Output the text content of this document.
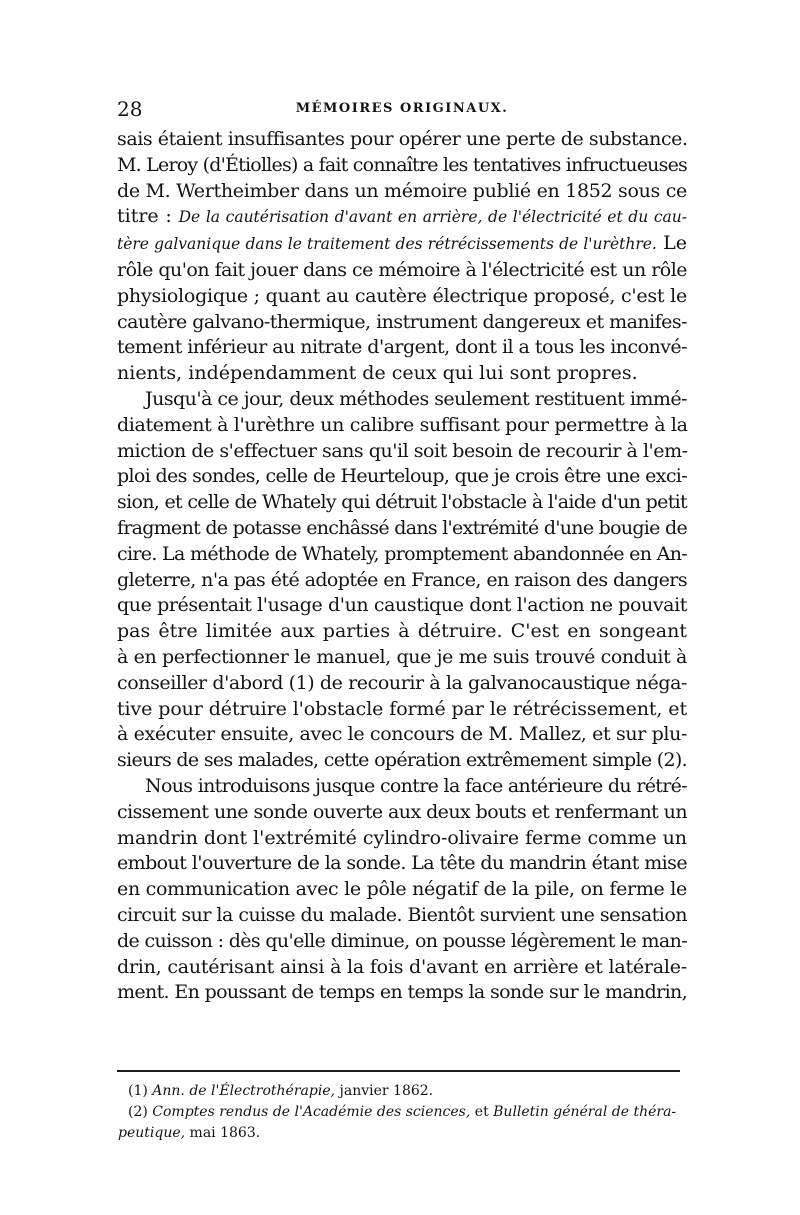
28	MÉMOIRES ORIGINAUX.
sais étaient insuffisantes pour opérer une perte de substance.
M. Leroy (d'Étiolles) a fait connaître les tentatives infructueuses
de M. Wertheimber dans un mémoire publié en 1852 sous ce
titre : De la cautérisation d'avant en arrière, de l'électricité et du cau-
tère galvanique dans le traitement des rétrécissements de l'urèthre. Le
rôle qu'on fait jouer dans ce mémoire à l'électricité est un rôle
physiologique ; quant au cautère électrique proposé, c'est le
cautère galvano-thermique, instrument dangereux et manifes-
tement inférieur au nitrate d'argent, dont il a tous les inconvé-
nients, indépendamment de ceux qui lui sont propres.
Jusqu'à ce jour, deux méthodes seulement restituent immé-
diatement à l'urèthre un calibre suffisant pour permettre à la
miction de s'effectuer sans qu'il soit besoin de recourir à l'em-
ploi des sondes, celle de Heurteloup, que je crois être une exci-
sion, et celle de Whately qui détruit l'obstacle à l'aide d'un petit
fragment de potasse enchâssé dans l'extrémité d'une bougie de
cire. La méthode de Whately, promptement abandonnée en An-
gleterre, n'a pas été adoptée en France, en raison des dangers
que présentait l'usage d'un caustique dont l'action ne pouvait
pas être limitée aux parties à détruire. C'est en songeant
à en perfectionner le manuel, que je me suis trouvé conduit à
conseiller d'abord (1) de recourir à la galvanocaustique néga-
tive pour détruire l'obstacle formé par le rétrécissement, et
à exécuter ensuite, avec le concours de M. Mallez, et sur plu-
sieurs de ses malades, cette opération extrêmement simple (2).
Nous introduisons jusque contre la face antérieure du rétré-
cissement une sonde ouverte aux deux bouts et renfermant un
mandrin dont l'extrémité cylindro-olivaire ferme comme un
embout l'ouverture de la sonde. La tête du mandrin étant mise
en communication avec le pôle négatif de la pile, on ferme le
circuit sur la cuisse du malade. Bientôt survient une sensation
de cuisson : dès qu'elle diminue, on pousse légèrement le man-
drin, cautérisant ainsi à la fois d'avant en arrière et latérale-
ment. En poussant de temps en temps la sonde sur le mandrin,
(1) Ann. de l'Électrothérapie, janvier 1862.
(2) Comptes rendus de l'Académie des sciences, et Bulletin général de théra-
peutique, mai 1863.
